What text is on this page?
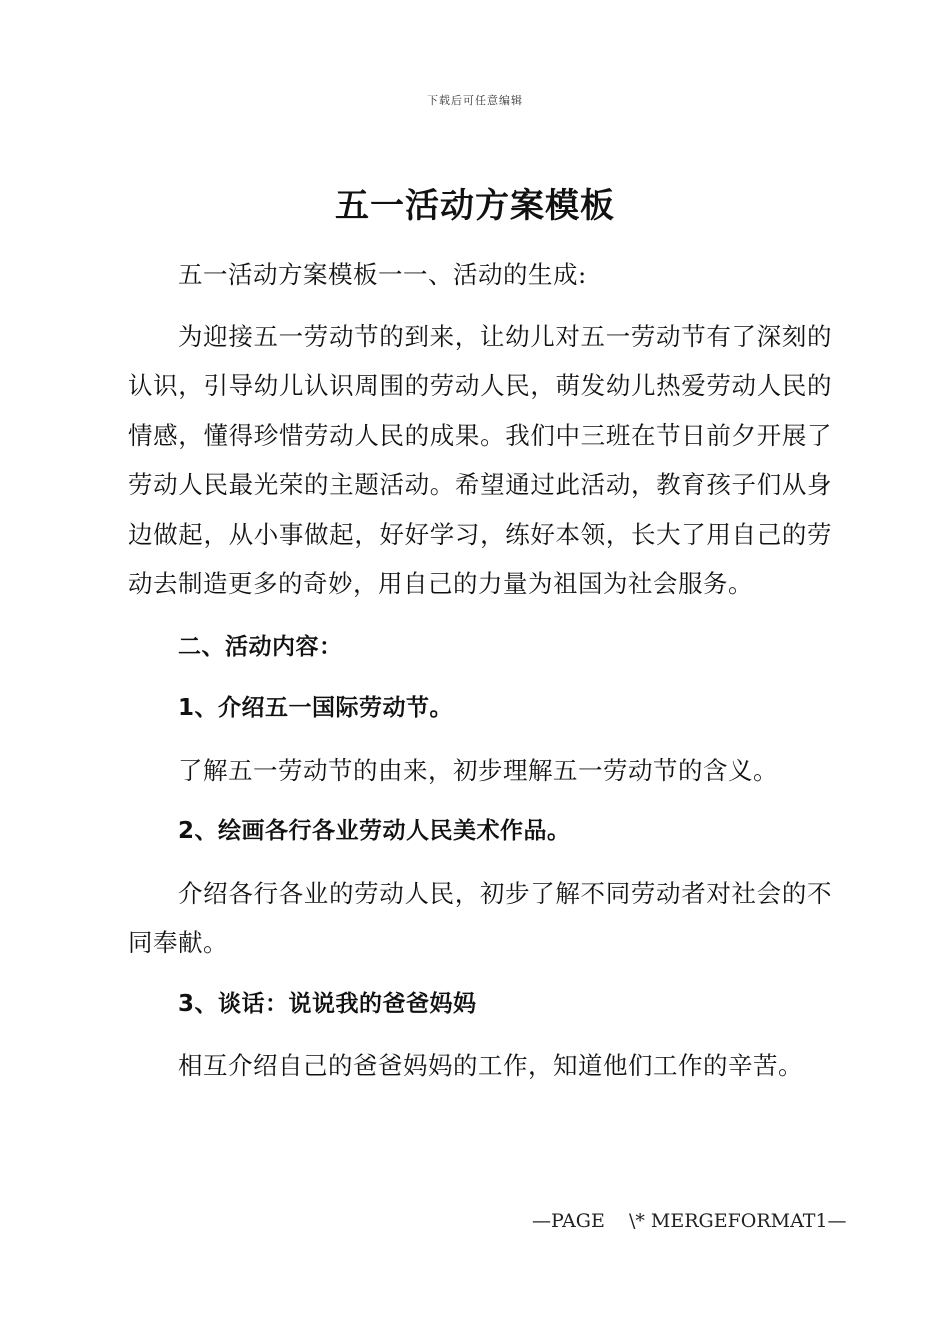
下载后可任意编辑
五一活动方案模板

五一活动方案模板一一、活动的生成:

为迎接五一劳动节的到来，让幼儿对五一劳动节有了深刻的认识，引导幼儿认识周围的劳动人民，萌发幼儿热爱劳动人民的情感，懂得珍惜劳动人民的成果。我们中三班在节日前夕开展了劳动人民最光荣的主题活动。希望通过此活动，教育孩子们从身边做起，从小事做起，好好学习，练好本领，长大了用自己的劳动去制造更多的奇妙，用自己的力量为祖国为社会服务。

二、活动内容：

1、介绍五一国际劳动节。

了解五一劳动节的由来，初步理解五一劳动节的含义。

2、绘画各行各业劳动人民美术作品。

介绍各行各业的劳动人民，初步了解不同劳动者对社会的不同奉献。

3、谈话：说说我的爸爸妈妈

相互介绍自己的爸爸妈妈的工作，知道他们工作的辛苦。

—PAGE    \* MERGEFORMAT1—
